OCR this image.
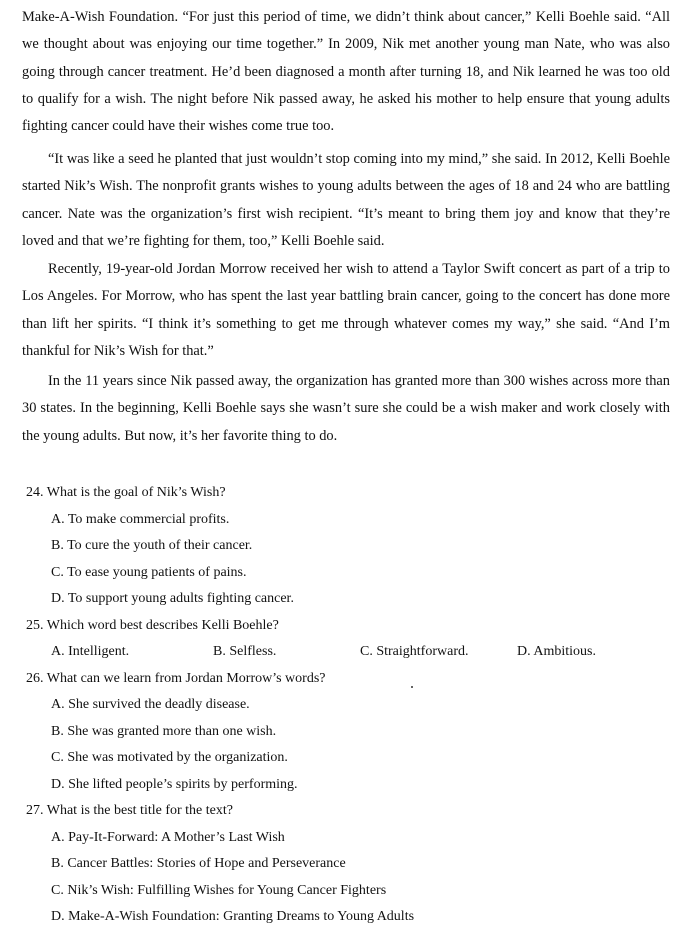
Make-A-Wish Foundation. “For just this period of time, we didn’t think about cancer,” Kelli Boehle said. “All we thought about was enjoying our time together.” In 2009, Nik met another young man Nate, who was also going through cancer treatment. He’d been diagnosed a month after turning 18, and Nik learned he was too old to qualify for a wish. The night before Nik passed away, he asked his mother to help ensure that young adults fighting cancer could have their wishes come true too.
“It was like a seed he planted that just wouldn’t stop coming into my mind,” she said. In 2012, Kelli Boehle started Nik’s Wish. The nonprofit grants wishes to young adults between the ages of 18 and 24 who are battling cancer. Nate was the organization’s first wish recipient. “It’s meant to bring them joy and know that they’re loved and that we’re fighting for them, too,” Kelli Boehle said.
Recently, 19-year-old Jordan Morrow received her wish to attend a Taylor Swift concert as part of a trip to Los Angeles. For Morrow, who has spent the last year battling brain cancer, going to the concert has done more than lift her spirits. “I think it’s something to get me through whatever comes my way,” she said. “And I’m thankful for Nik’s Wish for that.”
In the 11 years since Nik passed away, the organization has granted more than 300 wishes across more than 30 states. In the beginning, Kelli Boehle says she wasn’t sure she could be a wish maker and work closely with the young adults. But now, it’s her favorite thing to do.
24. What is the goal of Nik’s Wish?
A. To make commercial profits.
B. To cure the youth of their cancer.
C. To ease young patients of pains.
D. To support young adults fighting cancer.
25. Which word best describes Kelli Boehle?
A. Intelligent.	B. Selfless.	C. Straightforward.	D. Ambitious.
26. What can we learn from Jordan Morrow’s words?
A. She survived the deadly disease.
B. She was granted more than one wish.
C. She was motivated by the organization.
D. She lifted people’s spirits by performing.
27. What is the best title for the text?
A. Pay-It-Forward: A Mother’s Last Wish
B. Cancer Battles: Stories of Hope and Perseverance
C. Nik’s Wish: Fulfilling Wishes for Young Cancer Fighters
D. Make-A-Wish Foundation: Granting Dreams to Young Adults
